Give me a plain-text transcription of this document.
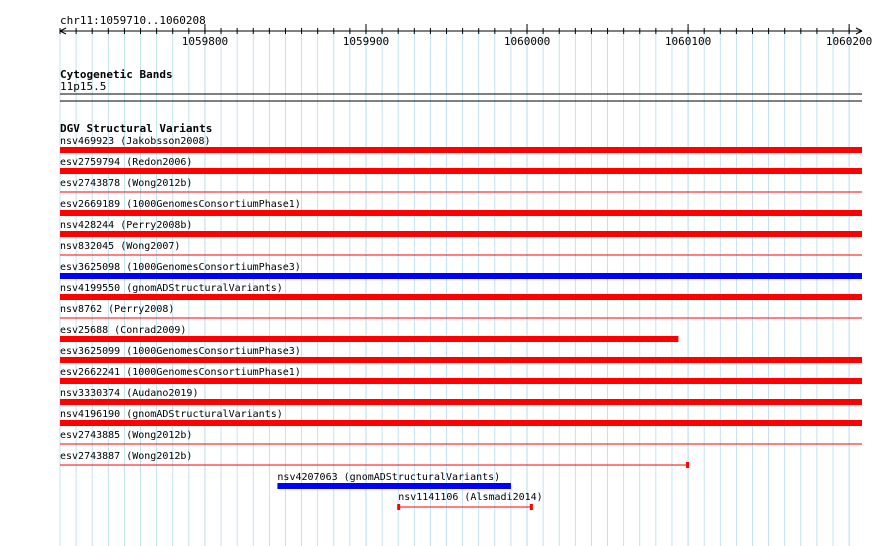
chr11:1059710..1060208
1059800	1059900	1060000	1060100	1060200
Cytogenetic Bands
11p15.5
DGV Structural Variants
nsv469923 (Jakobsson2008)
esv2759794 (Redon2006)
esv2743878 (Wong2012b)
esv2669189 (1000GenomesConsortiumPhase1)
nsv428244 (Perry2008b)
nsv832045 (Wong2007)
esv3625098 (1000GenomesConsortiumPhase3)
nsv4199550 (gnomADStructuralVariants)
nsv8762 (Perry2008)
esv25688 (Conrad2009)
esv3625099 (1000GenomesConsortiumPhase3)
esv2662241 (1000GenomesConsortiumPhase1)
nsv3330374 (Audano2019)
nsv4196190 (gnomADStructuralVariants)
esv2743885 (Wong2012b)
esv2743887 (Wong2012b)
nsv4207063 (gnomADStructuralVariants)
nsv1141106 (Alsmadi2014)
